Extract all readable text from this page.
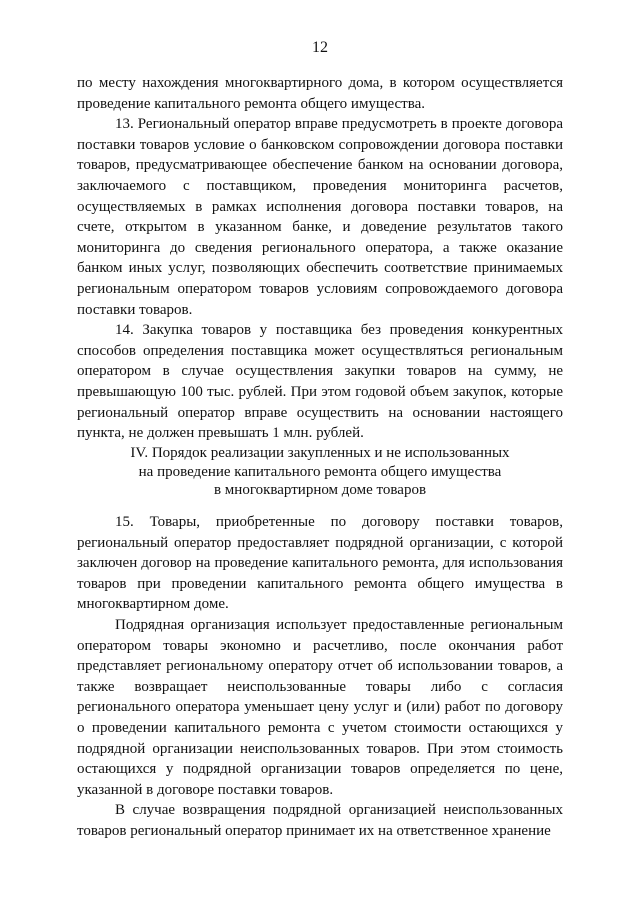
12

по месту нахождения многоквартирного дома, в котором осуществляется проведение капитального ремонта общего имущества.

13. Региональный оператор вправе предусмотреть в проекте договора поставки товаров условие о банковском сопровождении договора поставки товаров, предусматривающее обеспечение банком на основании договора, заключаемого с поставщиком, проведения мониторинга расчетов, осуществляемых в рамках исполнения договора поставки товаров, на счете, открытом в указанном банке, и доведение результатов такого мониторинга до сведения регионального оператора, а также оказание банком иных услуг, позволяющих обеспечить соответствие принимаемых региональным оператором товаров условиям сопровождаемого договора поставки товаров.

14. Закупка товаров у поставщика без проведения конкурентных способов определения поставщика может осуществляться региональным оператором в случае осуществления закупки товаров на сумму, не превышающую 100 тыс. рублей. При этом годовой объем закупок, которые региональный оператор вправе осуществить на основании настоящего пункта, не должен превышать 1 млн. рублей.

IV. Порядок реализации закупленных и не использованных
на проведение капитального ремонта общего имущества
в многоквартирном доме товаров

15. Товары, приобретенные по договору поставки товаров, региональный оператор предоставляет подрядной организации, с которой заключен договор на проведение капитального ремонта, для использования товаров при проведении капитального ремонта общего имущества в многоквартирном доме.

Подрядная организация использует предоставленные региональным оператором товары экономно и расчетливо, после окончания работ представляет региональному оператору отчет об использовании товаров, а также возвращает неиспользованные товары либо с согласия регионального оператора уменьшает цену услуг и (или) работ по договору о проведении капитального ремонта с учетом стоимости остающихся у подрядной организации неиспользованных товаров. При этом стоимость остающихся у подрядной организации товаров определяется по цене, указанной в договоре поставки товаров.

В случае возвращения подрядной организацией неиспользованных товаров региональный оператор принимает их на ответственное хранение
